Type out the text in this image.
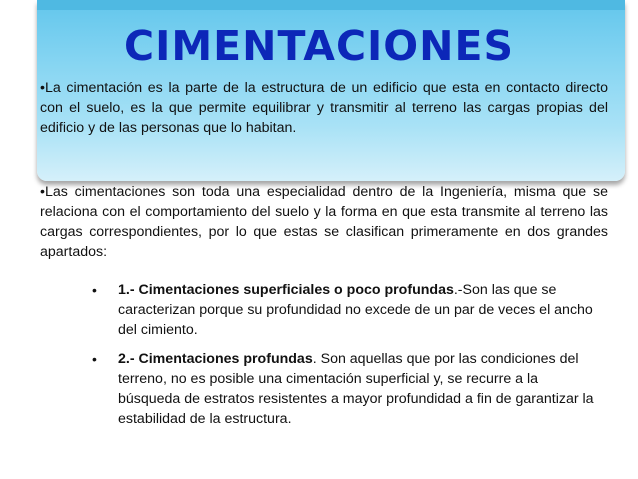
CIMENTACIONES

•La cimentación es la parte de la estructura de un edificio que esta en contacto directo con el suelo, es la que permite equilibrar y transmitir al terreno las cargas propias del edificio y de las personas que lo habitan.

•Las cimentaciones son toda una especialidad dentro de la Ingeniería, misma que se relaciona con el comportamiento del suelo y la forma en que esta transmite al terreno las cargas correspondientes, por lo que estas se clasifican primeramente en dos grandes apartados:

• 1.- Cimentaciones superficiales o poco profundas.-Son las que se caracterizan porque su profundidad no excede de un par de veces el ancho del cimiento.
• 2.- Cimentaciones profundas. Son aquellas que por las condiciones del terreno, no es posible una cimentación superficial y, se recurre a la búsqueda de estratos resistentes a mayor profundidad a fin de garantizar la estabilidad de la estructura.
